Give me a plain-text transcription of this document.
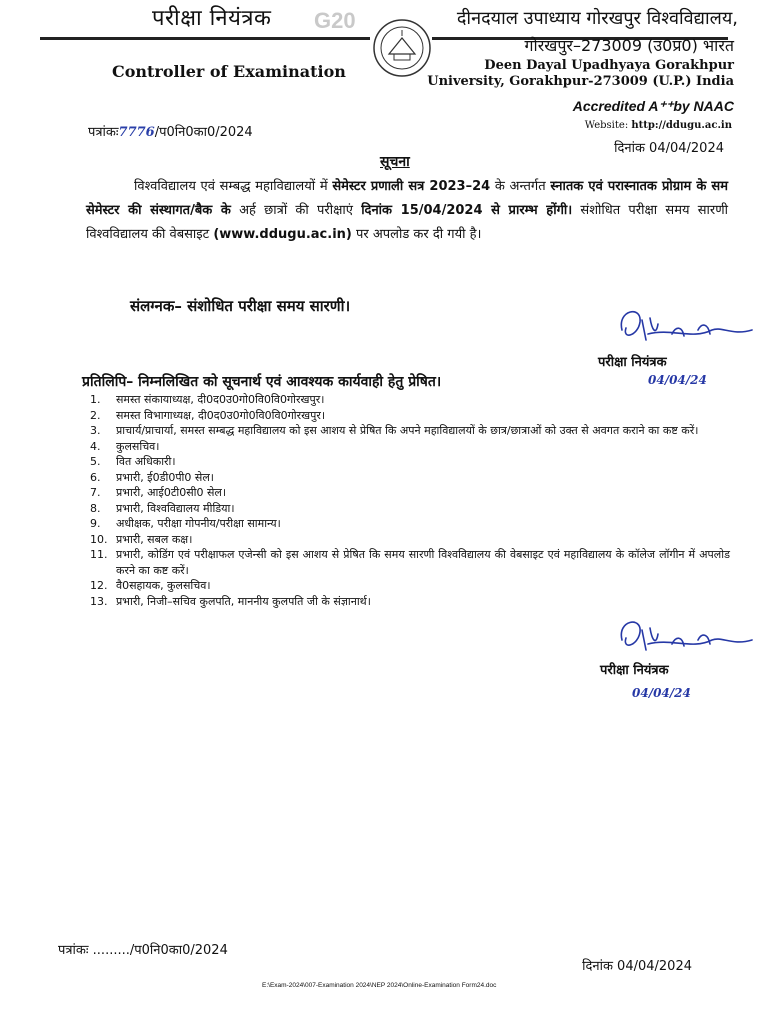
परीक्षा नियंत्रक G20
Controller of Examination
दीनदयाल उपाध्याय गोरखपुर विश्वविद्यालय,
गोरखपुर–273009 (उ0प्र0) भारत
Deen Dayal Upadhyaya Gorakhpur
University, Gorakhpur-273009 (U.P.) India
Accredited A⁺⁺by NAAC
Website: http://ddugu.ac.in
पत्रांकः7776/प0नि0का0/2024
दिनांक 04/04/2024
सूचना
विश्वविद्यालय एवं सम्बद्ध महाविद्यालयों में सेमेस्टर प्रणाली सत्र 2023–24 के अन्तर्गत स्नातक एवं परास्नातक प्रोग्राम के सम सेमेस्टर की संस्थागत/बैक के अर्ह छात्रों की परीक्षाएं दिनांक 15/04/2024 से प्रारम्भ होंगी। संशोधित परीक्षा समय सारणी विश्वविद्यालय की वेबसाइट (www.ddugu.ac.in) पर अपलोड कर दी गयी है।
संलग्नक– संशोधित परीक्षा समय सारणी।
परीक्षा नियंत्रक
04/04/24
प्रतिलिपि– निम्नलिखित को सूचनार्थ एवं आवश्यक कार्यवाही हेतु प्रेषित।
1.	समस्त संकायाध्यक्ष, दी0द0उ0गो0वि0वि0गोरखपुर।
2.	समस्त विभागाध्यक्ष, दी0द0उ0गो0वि0वि0गोरखपुर।
3.	प्राचार्य/प्राचार्या, समस्त सम्बद्ध महाविद्यालय को इस आशय से प्रेषित कि अपने महाविद्यालयों के छात्र/छात्राओं को उक्त से अवगत कराने का कष्ट करें।
4.	कुलसचिव।
5.	वित अधिकारी।
6.	प्रभारी, ई0डी0पी0 सेल।
7.	प्रभारी, आई0टी0सी0 सेल।
8.	प्रभारी, विश्वविद्यालय मीडिया।
9.	अधीक्षक, परीक्षा गोपनीय/परीक्षा सामान्य।
10. प्रभारी, सबल कक्ष।
11. प्रभारी, कोडिंग एवं परीक्षाफल एजेन्सी को इस आशय से प्रेषित कि समय सारणी विश्वविद्यालय की वेबसाइट एवं महाविद्यालय के कॉलेज लॉगीन में अपलोड करने का कष्ट करें।
12. वै0सहायक, कुलसचिव।
13. प्रभारी, निजी–सचिव कुलपति, माननीय कुलपति जी के संज्ञानार्थ।
परीक्षा नियंत्रक
04/04/24
पत्रांकः ........./प0नि0का0/2024
दिनांक 04/04/2024
E:\Exam-2024\007-Examination 2024\NEP 2024\Online-Examination Form24.doc
